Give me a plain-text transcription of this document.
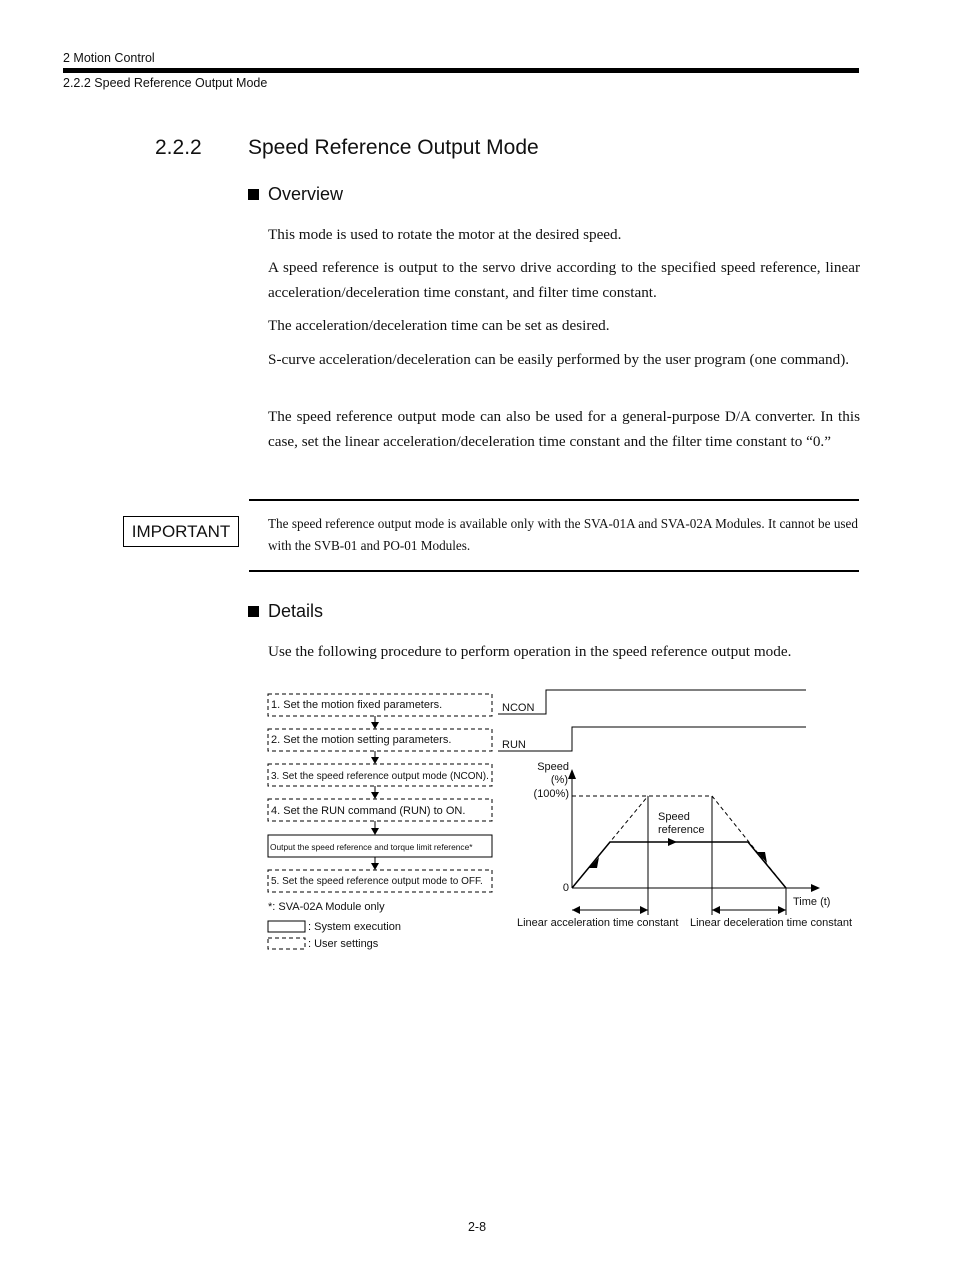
2 Motion Control
2.2.2 Speed Reference Output Mode
2.2.2 Speed Reference Output Mode
Overview
This mode is used to rotate the motor at the desired speed.
A speed reference is output to the servo drive according to the specified speed reference, linear acceleration/deceleration time constant, and filter time constant.
The acceleration/deceleration time can be set as desired.
S-curve acceleration/deceleration can be easily performed by the user program (one command).
The speed reference output mode can also be used for a general-purpose D/A converter. In this case, set the linear acceleration/deceleration time constant and the filter time constant to “0.”
IMPORTANT	The speed reference output mode is available only with the SVA-01A and SVA-02A Modules. It cannot be used with the SVB-01 and PO-01 Modules.
Details
Use the following procedure to perform operation in the speed reference output mode.
1. Set the motion fixed parameters.
2. Set the motion setting parameters.
3. Set the speed reference output mode (NCON).
4. Set the RUN command (RUN) to ON.
Output the speed reference and torque limit reference*
5. Set the speed reference output mode to OFF.
*: SVA-02A Module only
: System execution
: User settings
NCON
RUN
Speed
(%)
(100%)
0
Time (t)
Speed
reference
Linear acceleration time constant Linear deceleration time constant
2-8
